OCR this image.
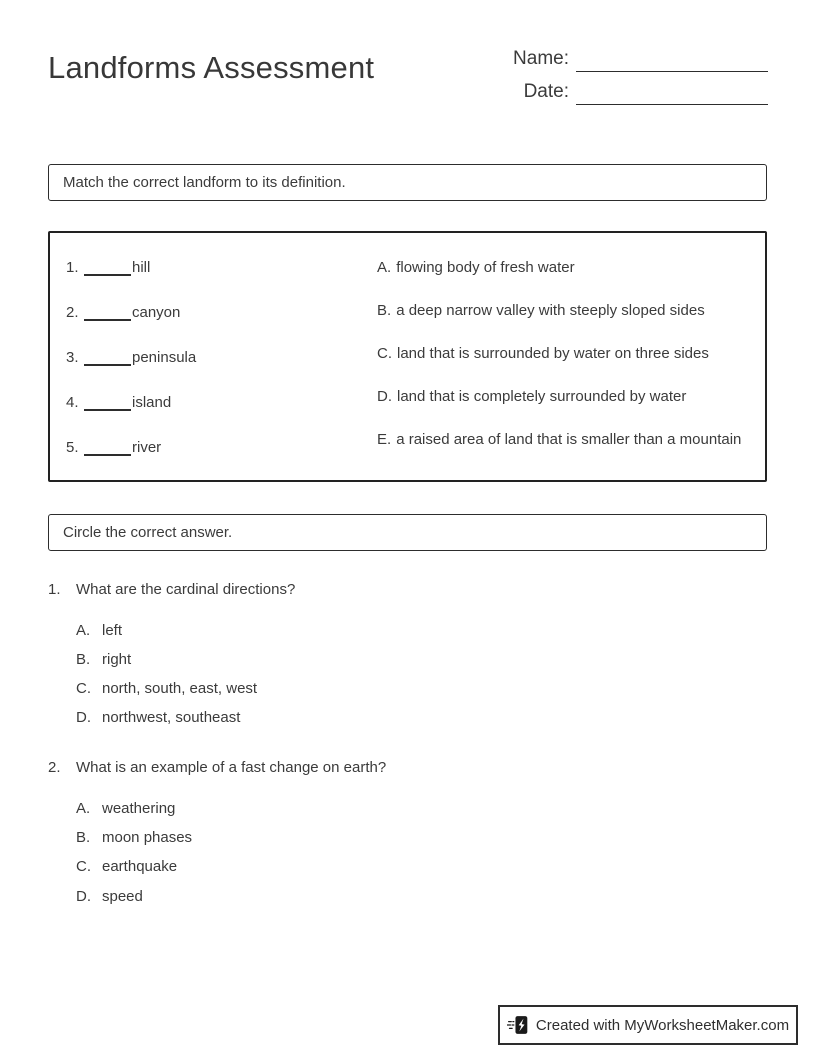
Landforms Assessment	Name:
Date:
Match the correct landform to its definition.
1.	hill
2.	canyon
3.	peninsula
4.	island
5.	river
A. flowing body of fresh water
B. a deep narrow valley with steeply sloped sides
C. land that is surrounded by water on three sides
D. land that is completely surrounded by water
E. a raised area of land that is smaller than a mountain
Circle the correct answer.
1.	What are the cardinal directions?
A. left
B. right
C. north, south, east, west
D. northwest, southeast
2.	What is an example of a fast change on earth?
A. weathering
B. moon phases
C. earthquake
D. speed
Created with MyWorksheetMaker.com
